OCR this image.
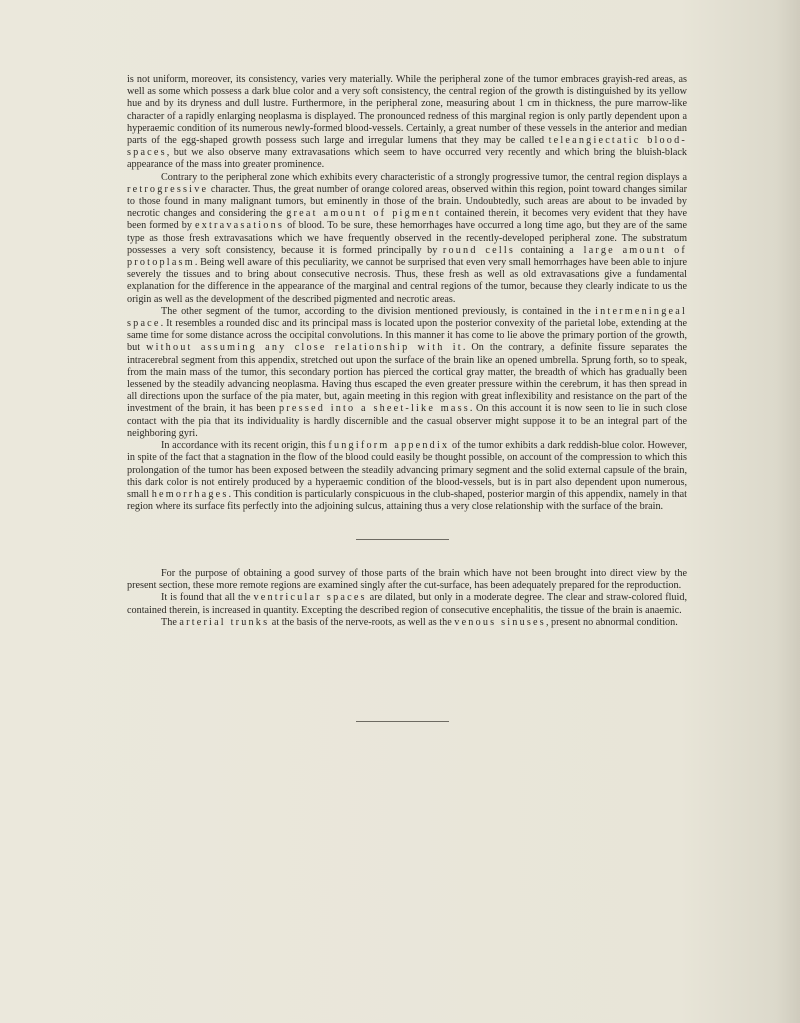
is not uniform, moreover, its consistency, varies very materially. While the peripheral zone of the tumor embraces grayish-red areas, as well as some which possess a dark blue color and a very soft consistency, the central region of the growth is distinguished by its yellow hue and by its dryness and dull lustre. Furthermore, in the peripheral zone, measuring about 1 cm in thickness, the pure marrow-like character of a rapidly enlarging neoplasma is displayed. The pronounced redness of this marginal region is only partly dependent upon a hyperaemic condition of its numerous newly-formed blood-vessels. Certainly, a great number of these vessels in the anterior and median parts of the egg-shaped growth possess such large and irregular lumens that they may be called teleangiectatic blood-spaces, but we also observe many extravasations which seem to have occurred very recently and which bring the bluish-black appearance of the mass into greater prominence.

Contrary to the peripheral zone which exhibits every characteristic of a strongly progressive tumor, the central region displays a retrogressive character. Thus, the great number of orange colored areas, observed within this region, point toward changes similar to those found in many malignant tumors, but eminently in those of the brain. Undoubtedly, such areas are about to be invaded by necrotic changes and considering the great amount of pigment contained therein, it becomes very evident that they have been formed by extravasations of blood. To be sure, these hemorrhages have occurred a long time ago, but they are of the same type as those fresh extravasations which we have frequently observed in the recently-developed peripheral zone. The substratum possesses a very soft consistency, because it is formed principally by round cells containing a large amount of protoplasm. Being well aware of this peculiarity, we cannot be surprised that even very small hemorrhages have been able to injure severely the tissues and to bring about consecutive necrosis. Thus, these fresh as well as old extravasations give a fundamental explanation for the difference in the appearance of the marginal and central regions of the tumor, because they clearly indicate to us the origin as well as the development of the described pigmented and necrotic areas.

The other segment of the tumor, according to the division mentioned previously, is contained in the intermeningeal space. It resembles a rounded disc and its principal mass is located upon the posterior convexity of the parietal lobe, extending at the same time for some distance across the occipital convolutions. In this manner it has come to lie above the primary portion of the growth, but without assuming any close relationship with it. On the contrary, a definite fissure separates the intracerebral segment from this appendix, stretched out upon the surface of the brain like an opened umbrella. Sprung forth, so to speak, from the main mass of the tumor, this secondary portion has pierced the cortical gray matter, the breadth of which has gradually been lessened by the steadily advancing neoplasma. Having thus escaped the even greater pressure within the cerebrum, it has then spread in all directions upon the surface of the pia mater, but, again meeting in this region with great inflexibility and resistance on the part of the investment of the brain, it has been pressed into a sheet-like mass. On this account it is now seen to lie in such close contact with the pia that its individuality is hardly discernible and the casual observer might suppose it to be an integral part of the neighboring gyri.

In accordance with its recent origin, this fungiform appendix of the tumor exhibits a dark reddish-blue color. However, in spite of the fact that a stagnation in the flow of the blood could easily be thought possible, on account of the compression to which this prolongation of the tumor has been exposed between the steadily advancing primary segment and the solid external capsule of the brain, this dark color is not entirely produced by a hyperaemic condition of the blood-vessels, but is in part also dependent upon numerous, small hemorrhages. This condition is particularly conspicuous in the club-shaped, posterior margin of this appendix, namely in that region where its surface fits perfectly into the adjoining sulcus, attaining thus a very close relationship with the surface of the brain.

For the purpose of obtaining a good survey of those parts of the brain which have not been brought into direct view by the present section, these more remote regions are examined singly after the cut-surface, has been adequately prepared for the reproduction.

It is found that all the ventricular spaces are dilated, but only in a moderate degree. The clear and straw-colored fluid, contained therein, is increased in quantity. Excepting the described region of consecutive encephalitis, the tissue of the brain is anaemic.

The arterial trunks at the basis of the nerve-roots, as well as the venous sinuses, present no abnormal condition.
